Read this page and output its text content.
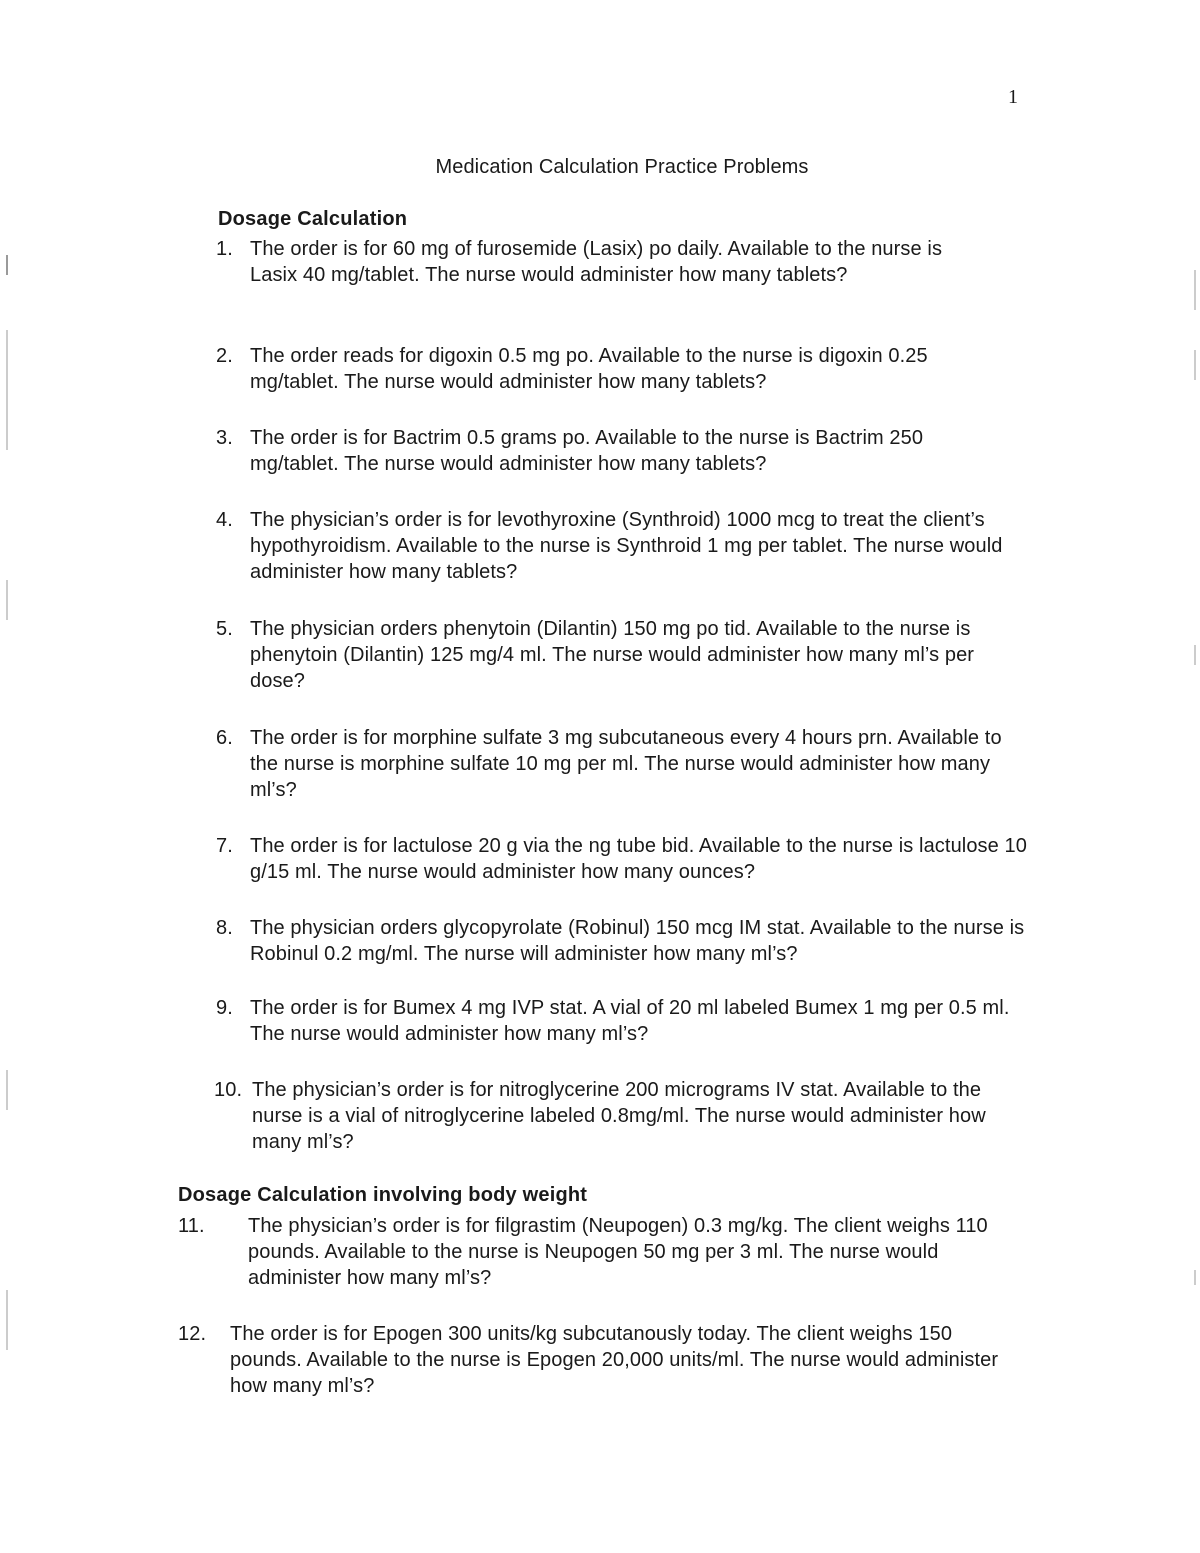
1
Medication Calculation Practice Problems
Dosage Calculation
1. The order is for 60 mg of furosemide (Lasix) po daily. Available to the nurse is Lasix 40 mg/tablet. The nurse would administer how many tablets?

2. The order reads for digoxin 0.5 mg po. Available to the nurse is digoxin 0.25 mg/tablet. The nurse would administer how many tablets?

3. The order is for Bactrim 0.5 grams po. Available to the nurse is Bactrim 250 mg/tablet. The nurse would administer how many tablets?

4. The physician’s order is for levothyroxine (Synthroid) 1000 mcg to treat the client’s hypothyroidism. Available to the nurse is Synthroid 1 mg per tablet. The nurse would administer how many tablets?

5. The physician orders phenytoin (Dilantin) 150 mg po tid. Available to the nurse is phenytoin (Dilantin) 125 mg/4 ml. The nurse would administer how many ml’s per dose?

6. The order is for morphine sulfate 3 mg subcutaneous every 4 hours prn. Available to the nurse is morphine sulfate 10 mg per ml. The nurse would administer how many ml’s?

7. The order is for lactulose 20 g via the ng tube bid. Available to the nurse is lactulose 10 g/15 ml. The nurse would administer how many ounces?

8. The physician orders glycopyrolate (Robinul) 150 mcg IM stat. Available to the nurse is Robinul 0.2 mg/ml. The nurse will administer how many ml’s?

9. The order is for Bumex 4 mg IVP stat. A vial of 20 ml labeled Bumex 1 mg per 0.5 ml. The nurse would administer how many ml’s?

10. The physician’s order is for nitroglycerine 200 micrograms IV stat. Available to the nurse is a vial of nitroglycerine labeled 0.8mg/ml. The nurse would administer how many ml’s?

Dosage Calculation involving body weight
11. The physician’s order is for filgrastim (Neupogen) 0.3 mg/kg. The client weighs 110 pounds. Available to the nurse is Neupogen 50 mg per 3 ml. The nurse would administer how many ml’s?

12. The order is for Epogen 300 units/kg subcutanously today. The client weighs 150 pounds. Available to the nurse is Epogen 20,000 units/ml. The nurse would administer how many ml’s?
